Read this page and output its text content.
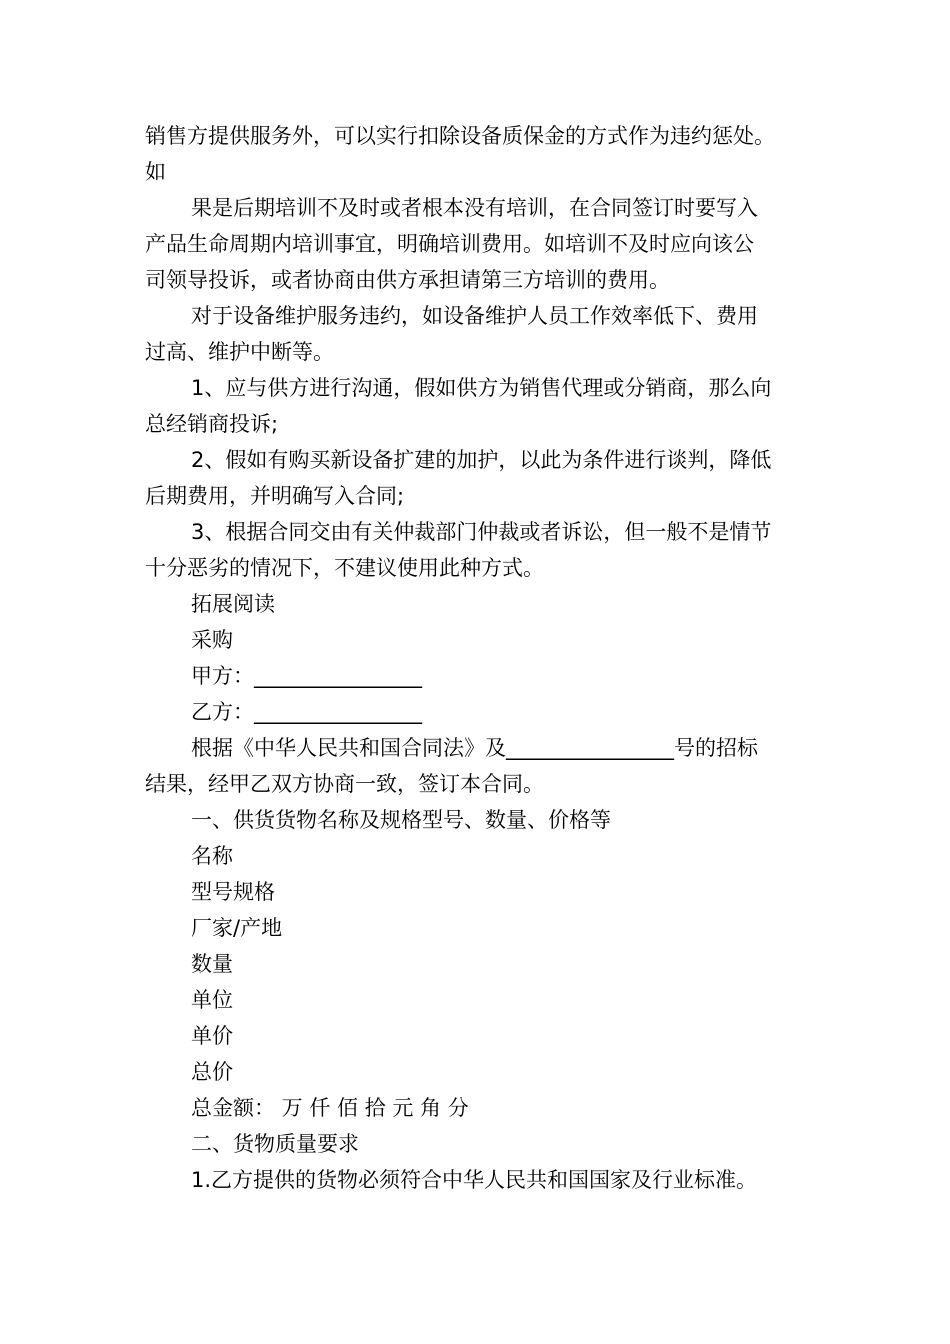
销售方提供服务外，可以实行扣除设备质保金的方式作为违约惩处。
如
果是后期培训不及时或者根本没有培训，在合同签订时要写入
产品生命周期内培训事宜，明确培训费用。如培训不及时应向该公
司领导投诉，或者协商由供方承担请第三方培训的费用。
对于设备维护服务违约，如设备维护人员工作效率低下、费用
过高、维护中断等。
1、应与供方进行沟通，假如供方为销售代理或分销商，那么向
总经销商投诉;
2、假如有购买新设备扩建的加护，以此为条件进行谈判，降低
后期费用，并明确写入合同;
3、根据合同交由有关仲裁部门仲裁或者诉讼，但一般不是情节
十分恶劣的情况下，不建议使用此种方式。
拓展阅读
采购
甲方：________________
乙方：________________
根据《中华人民共和国合同法》及________________号的招标
结果，经甲乙双方协商一致，签订本合同。
一、供货货物名称及规格型号、数量、价格等
名称
型号规格
厂家/产地
数量
单位
单价
总价
总金额： 万 仟 佰 拾 元 角 分
二、货物质量要求
1.乙方提供的货物必须符合中华人民共和国国家及行业标准。
